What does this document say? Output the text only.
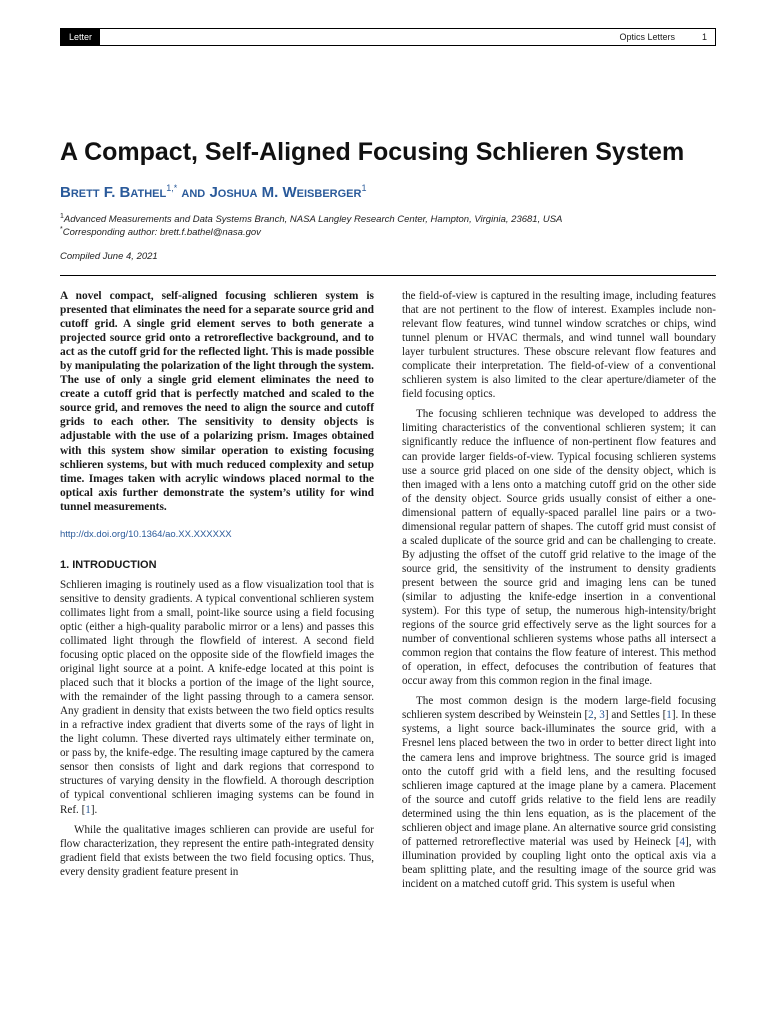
Letter	Optics Letters	1
A Compact, Self-Aligned Focusing Schlieren System
Brett F. Bathel$^{1,*}$ and Joshua M. Weisberger$^1$
$^1$Advanced Measurements and Data Systems Branch, NASA Langley Research Center, Hampton, Virginia, 23681, USA
*Corresponding author: brett.f.bathel@nasa.gov
Compiled June 4, 2021

A novel compact, self-aligned focusing schlieren system is presented that eliminates the need for a separate source grid and cutoff grid. A single grid element serves to both generate a projected source grid onto a retroreflective background, and to act as the cutoff grid for the reflected light. This is made possible by manipulating the polarization of the light through the system. The use of only a single grid element eliminates the need to create a cutoff grid that is perfectly matched and scaled to the source grid, and removes the need to align the source and cutoff grids to each other. The sensitivity to density objects is adjustable with the use of a polarizing prism. Images obtained with this system show similar operation to existing focusing schlieren systems, but with much reduced complexity and setup time. Images taken with acrylic windows placed normal to the optical axis further demonstrate the system’s utility for wind tunnel measurements.

http://dx.doi.org/10.1364/ao.XX.XXXXXX
1. INTRODUCTION

Schlieren imaging is routinely used as a flow visualization tool that is sensitive to density gradients. A typical conventional schlieren system collimates light from a small, point-like source using a field focusing optic (either a high-quality parabolic mirror or a lens) and passes this collimated light through the flowfield of interest. A second field focusing optic placed on the opposite side of the flowfield images the original light source at a point. A knife-edge located at this point is placed such that it blocks a portion of the image of the light source, with the remainder of the light passing through to a camera sensor. Any gradient in density that exists between the two field optics results in a refractive index gradient that diverts some of the rays of light in the light column. These diverted rays ultimately either terminate on, or pass by, the knife-edge. The resulting image captured by the camera sensor then consists of light and dark regions that correspond to structures of varying density in the flowfield. A thorough description of typical conventional schlieren imaging systems can be found in Ref. [1].

While the qualitative images schlieren can provide are useful for flow characterization, they represent the entire path-integrated density gradient field that exists between the two field focusing optics. Thus, every density gradient feature present in

the field-of-view is captured in the resulting image, including features that are not pertinent to the flow of interest. Examples include non-relevant flow features, wind tunnel window scratches or chips, wind tunnel plenum or HVAC thermals, and wind tunnel wall boundary layer turbulent structures. These obscure relevant flow features and complicate their interpretation. The field-of-view of a conventional schlieren system is also limited to the clear aperture/diameter of the field focusing optics.

The focusing schlieren technique was developed to address the limiting characteristics of the conventional schlieren system; it can significantly reduce the influence of non-pertinent flow features and can provide larger fields-of-view. Typical focusing schlieren systems use a source grid placed on one side of the density object, which is then imaged with a lens onto a matching cutoff grid on the other side of the density object. Source grids usually consist of either a one-dimensional pattern of equally-spaced parallel line pairs or a two-dimensional regular pattern of shapes. The cutoff grid must consist of a scaled duplicate of the source grid and can be challenging to create. By adjusting the offset of the cutoff grid relative to the image of the source grid, the sensitivity of the instrument to density gradients present between the source grid and imaging lens can be tuned (similar to adjusting the knife-edge insertion in a conventional system). For this type of setup, the numerous high-intensity/bright regions of the source grid effectively serve as the light sources for a number of conventional schlieren systems whose paths all intersect a common region that contains the flow feature of interest. This method of operation, in effect, defocuses the contribution of features that occur away from this common region in the final image.

The most common design is the modern large-field focusing schlieren system described by Weinstein [2, 3] and Settles [1]. In these systems, a light source back-illuminates the source grid, with a Fresnel lens placed between the two in order to better direct light into the camera lens and improve brightness. The source grid is imaged onto the cutoff grid with a field lens, and the resulting focused schlieren image captured at the image plane by a camera. Placement of the source and cutoff grids relative to the field lens are readily determined using the thin lens equation, as is the placement of the schlieren object and image plane. An alternative source grid consisting of patterned retroreflective material was used by Heineck [4], with illumination provided by coupling light onto the optical axis via a beam splitting plate, and the resulting image of the source grid was incident on a matched cutoff grid. This system is useful when
